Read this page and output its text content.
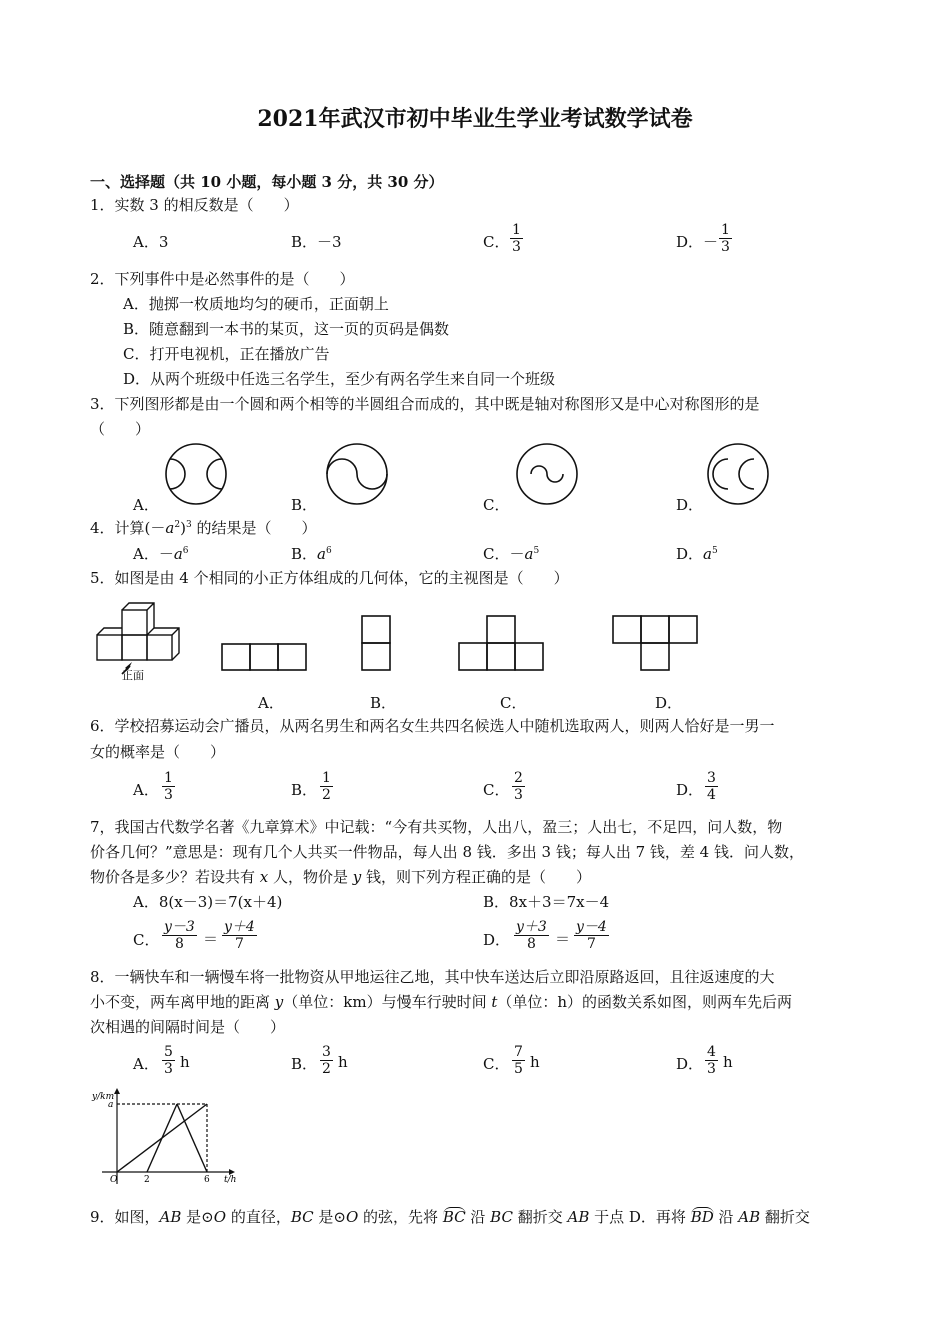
2021年武汉市初中毕业生学业考试数学试卷
一、选择题（共 10 小题，每小题 3 分，共 30 分）
1．实数 3 的相反数是（　　）
A．3	B．－3	C． $\frac{1}{3}$	D．－ $\frac{1}{3}$
2．下列事件中是必然事件的是（　　）
A．抛掷一枚质地均匀的硬币，正面朝上
B．随意翻到一本书的某页，这一页的页码是偶数
C．打开电视机，正在播放广告
D．从两个班级中任选三名学生，至少有两名学生来自同一个班级
3．下列图形都是由一个圆和两个相等的半圆组合而成的，其中既是轴对称图形又是中心对称图形的是
（　　）
A．	B．	C．	D．
4．计算$(-a^2)^3$ 的结果是（　　）
A．$-a^6$	B．$a^6$	C．$-a^5$	D．$a^5$
5．如图是由 4 个相同的小正方体组成的几何体，它的主视图是（　　）
正面
A．	B．	C．	D．
6．学校招募运动会广播员，从两名男生和两名女生共四名候选人中随机选取两人，则两人恰好是一男一
女的概率是（　　）
A． $\frac{1}{3}$	B． $\frac{1}{2}$	C． $\frac{2}{3}$	D． $\frac{3}{4}$
7，我国古代数学名著《九章算术》中记载：“今有共买物，人出八，盈三；人出七，不足四，问人数，物
价各几何？”意思是：现有几个人共买一件物品，每人出 8 钱．多出 3 钱；每人出 7 钱，差 4 钱．问人数，
物价各是多少？若设共有 x 人，物价是 y 钱，则下列方程正确的是（　　）
A．8(x－3)＝7(x＋4)	B．8x＋3＝7x－4
C． $\frac{y-3}{8} = \frac{y+4}{7}$	D． $\frac{y+3}{8} = \frac{y-4}{7}$
8．一辆快车和一辆慢车将一批物资从甲地运往乙地，其中快车送达后立即沿原路返回，且往返速度的大
小不变，两车离甲地的距离 y（单位：km）与慢车行驶时间 t（单位：h）的函数关系如图，则两车先后两
次相遇的间隔时间是（　　）
A． $\frac{5}{3}$ h	B． $\frac{3}{2}$ h	C． $\frac{7}{5}$ h	D． $\frac{4}{3}$ h
y/km
a
O	t/h
2	6
9．如图，AB 是⊙O 的直径，BC 是⊙O 的弦，先将 BC 沿 BC 翻折交 AB 于点 D．再将 BD 沿 AB 翻折交
